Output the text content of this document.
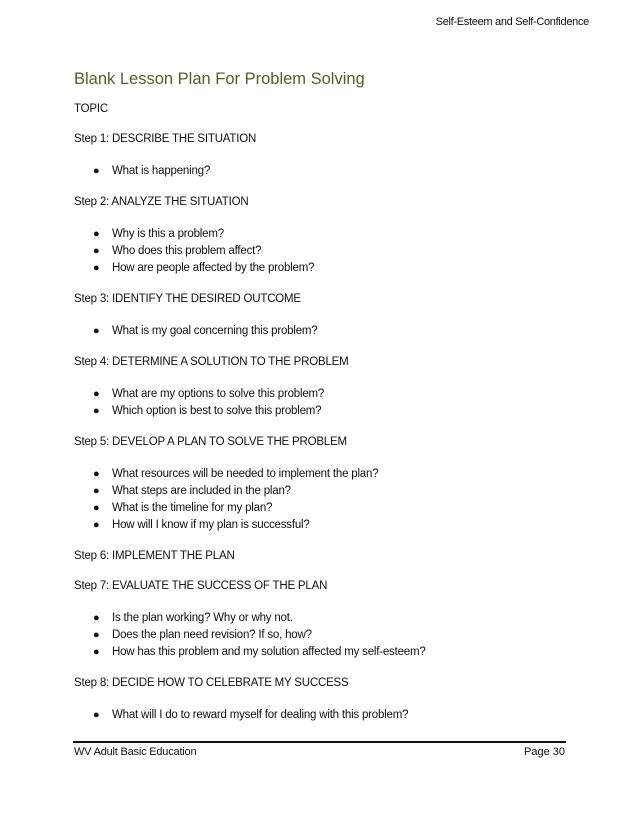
Self-Esteem and Self-Confidence
Blank Lesson Plan For Problem Solving
TOPIC
Step 1: DESCRIBE THE SITUATION
● What is happening?
Step 2: ANALYZE THE SITUATION
● Why is this a problem?
● Who does this problem affect?
● How are people affected by the problem?
Step 3: IDENTIFY THE DESIRED OUTCOME
● What is my goal concerning this problem?
Step 4: DETERMINE A SOLUTION TO THE PROBLEM
● What are my options to solve this problem?
● Which option is best to solve this problem?
Step 5: DEVELOP A PLAN TO SOLVE THE PROBLEM
● What resources will be needed to implement the plan?
● What steps are included in the plan?
● What is the timeline for my plan?
● How will I know if my plan is successful?
Step 6: IMPLEMENT THE PLAN
Step 7: EVALUATE THE SUCCESS OF THE PLAN
● Is the plan working? Why or why not.
● Does the plan need revision? If so, how?
● How has this problem and my solution affected my self-esteem?
Step 8: DECIDE HOW TO CELEBRATE MY SUCCESS
● What will I do to reward myself for dealing with this problem?
WV Adult Basic Education	Page 30
